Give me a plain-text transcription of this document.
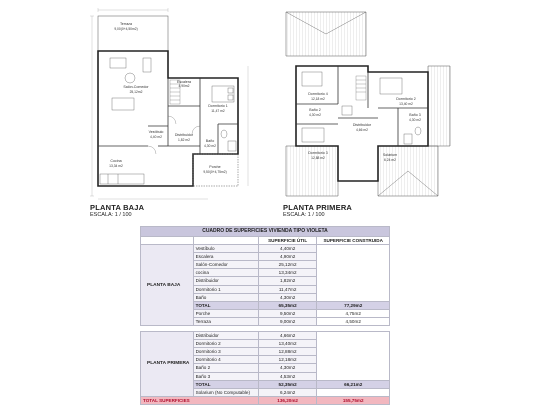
Terraza
9,00(0+4,50m2)
Salón-Comedor
25,12m2
Escalera
4,90m2
Dormitorio 1
11,47 m2
Vestíbulo
4,40 m2	Distribuidor
1,82 m2	Baño
4,30 m2
Cocina
13,34 m2	Porche
9,50(0+4,75m2)
PLANTA BAJA
ESCALA: 1 / 100
Dormitorio 4
12,18 m2	Dormitorio 2
13,40 m2
Baño 2
4,30 m2
Distribuidor
4,66 m2
Baño 3
4,30 m2
Dormitorio 3
12,88 m2
Solárium
6,24 m2
PLANTA PRIMERA
ESCALA: 1 / 100
CUADRO DE SUPERFICIES VIVIENDA TIPO VIOLETA			
		SUPERFICIE ÚTIL	SUPERFICIE CONSTRUIDA
PLANTA BAJA	Vestíbulo	4,40m2	
	Escalera	4,90m2	
	Salón-Comedor	25,12m2	
	cocina	13,34m2	
	Distribuidor	1,82m2	
	Dormitorio 1	11,47m2	
	Baño	4,30m2	
	TOTAL	65,35m2	77,29m2
	Porche	9,50m2	4,75m2
	Terraza	9,00m2	4,50m2

PLANTA PRIMERA	Distribuidor	4,66m2	
	Dormitorio 2	13,40m2	
	Dormitorio 3	12,88m2	
	Dormitorio 4	12,18m2	
	Baño 2	4,30m2	
	Baño 3	4,53m2	
	TOTAL	52,35m2	66,21m2
	Solarium (No Computable)	6,24m2	
TOTAL SUPERFICIES		136,20m2	155,75m2
